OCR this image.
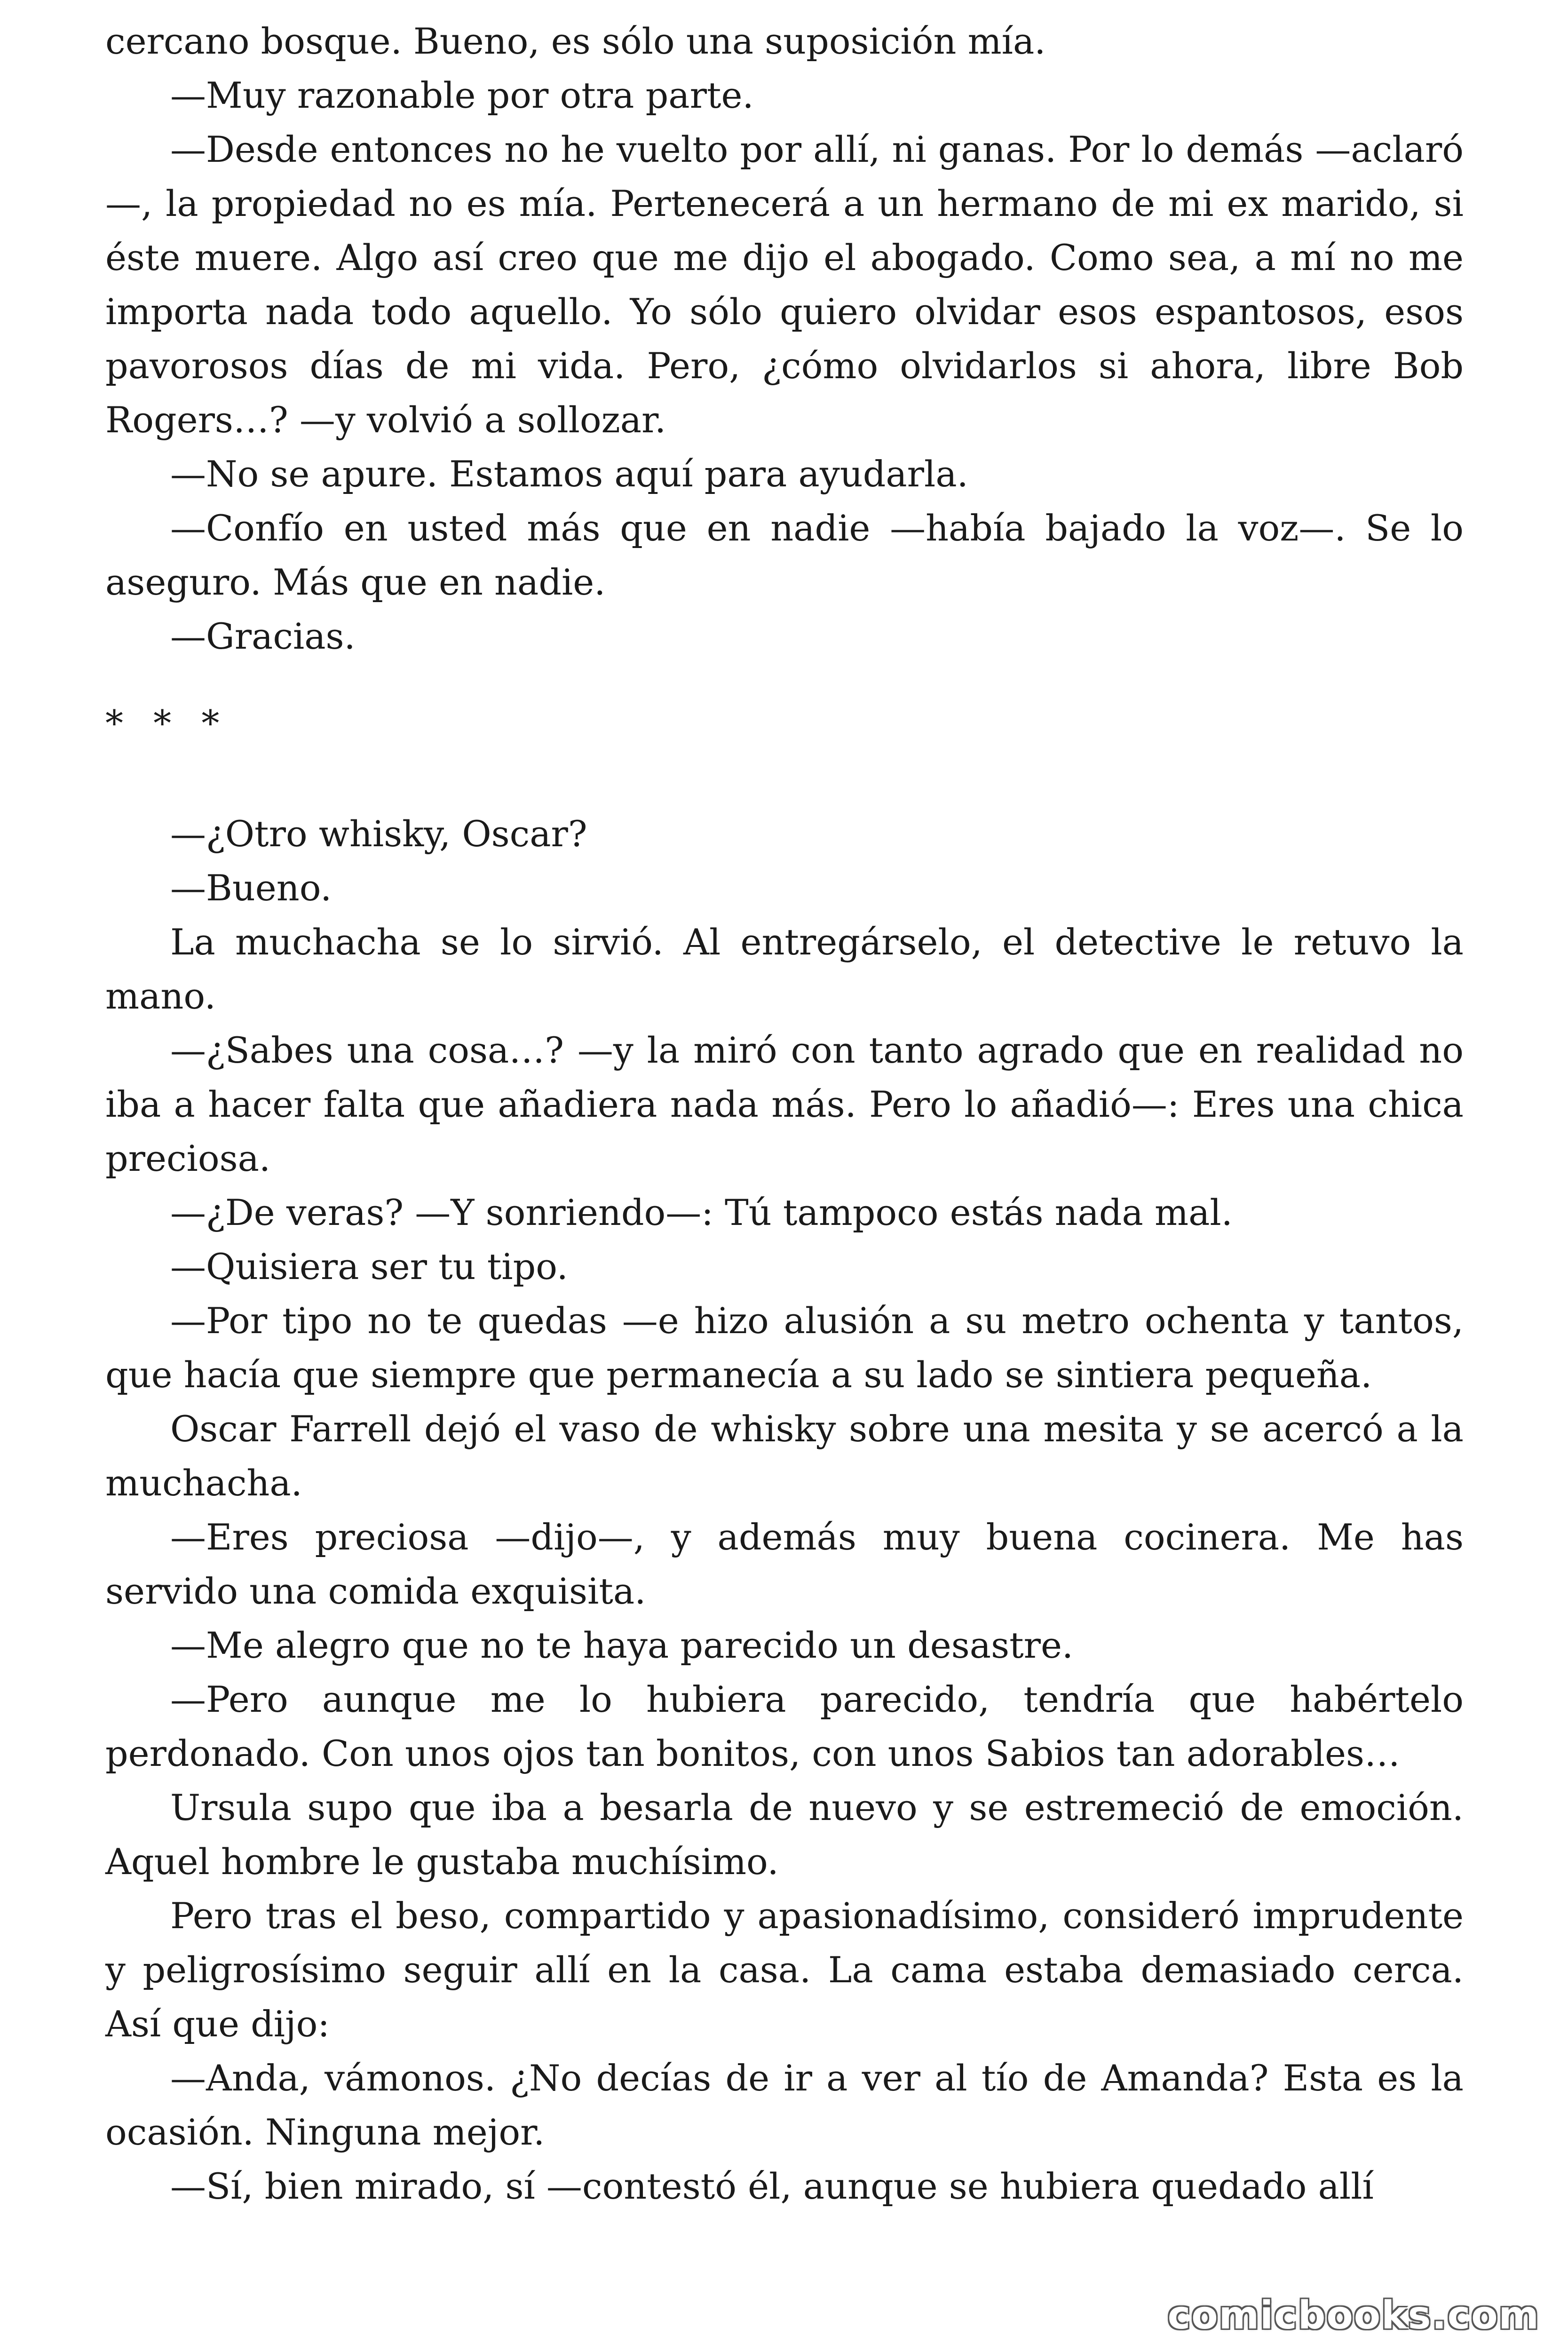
cercano bosque. Bueno, es sólo una suposición mía.

—Muy razonable por otra parte.

—Desde entonces no he vuelto por allí, ni ganas. Por lo demás —aclaró—, la propiedad no es mía. Pertenecerá a un hermano de mi ex marido, si éste muere. Algo así creo que me dijo el abogado. Como sea, a mí no me importa nada todo aquello. Yo sólo quiero olvidar esos espantosos, esos pavorosos días de mi vida. Pero, ¿cómo olvidarlos si ahora, libre Bob Rogers…? —y volvió a sollozar.

—No se apure. Estamos aquí para ayudarla.

—Confío en usted más que en nadie —había bajado la voz—. Se lo aseguro. Más que en nadie.

—Gracias.

* * *

—¿Otro whisky, Oscar?

—Bueno.

La muchacha se lo sirvió. Al entregárselo, el detective le retuvo la mano.

—¿Sabes una cosa…? —y la miró con tanto agrado que en realidad no iba a hacer falta que añadiera nada más. Pero lo añadió—: Eres una chica preciosa.

—¿De veras? —Y sonriendo—: Tú tampoco estás nada mal.

—Quisiera ser tu tipo.

—Por tipo no te quedas —e hizo alusión a su metro ochenta y tantos, que hacía que siempre que permanecía a su lado se sintiera pequeña.

Oscar Farrell dejó el vaso de whisky sobre una mesita y se acercó a la muchacha.

—Eres preciosa —dijo—, y además muy buena cocinera. Me has servido una comida exquisita.

—Me alegro que no te haya parecido un desastre.

—Pero aunque me lo hubiera parecido, tendría que habértelo perdonado. Con unos ojos tan bonitos, con unos Sabios tan adorables…

Ursula supo que iba a besarla de nuevo y se estremeció de emoción. Aquel hombre le gustaba muchísimo.

Pero tras el beso, compartido y apasionadísimo, consideró imprudente y peligrosísimo seguir allí en la casa. La cama estaba demasiado cerca. Así que dijo:

—Anda, vámonos. ¿No decías de ir a ver al tío de Amanda? Esta es la ocasión. Ninguna mejor.

—Sí, bien mirado, sí —contestó él, aunque se hubiera quedado allí

comicbooks.com
